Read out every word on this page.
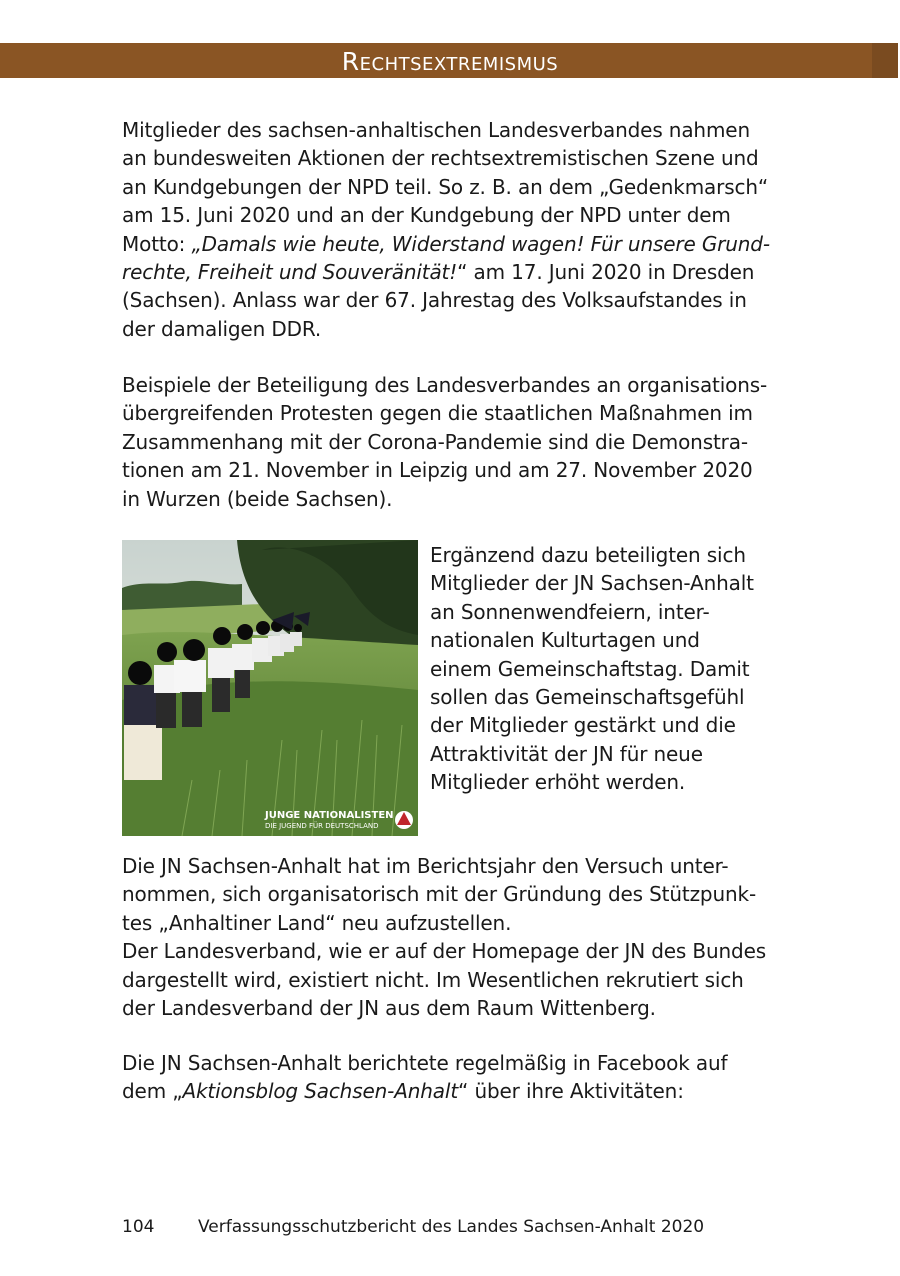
Rechtsextremismus

Mitglieder des sachsen-anhaltischen Landesverbandes nahmen
an bundesweiten Aktionen der rechtsextremistischen Szene und
an Kundgebungen der NPD teil. So z. B. an dem „Gedenkmarsch“
am 15. Juni 2020 und an der Kundgebung der NPD unter dem
Motto: „Damals wie heute, Widerstand wagen! Für unsere Grund-
rechte, Freiheit und Souveränität!“ am 17. Juni 2020 in Dresden
(Sachsen). Anlass war der 67. Jahrestag des Volksaufstandes in
der damaligen DDR.

Beispiele der Beteiligung des Landesverbandes an organisations-
übergreifenden Protesten gegen die staatlichen Maßnahmen im
Zusammenhang mit der Corona-Pandemie sind die Demonstra-
tionen am 21. November in Leipzig und am 27. November 2020
in Wurzen (beide Sachsen).

JUNGE NATIONALISTEN
DIE JUGEND FÜR DEUTSCHLAND
Ergänzend dazu beteiligten sich
Mitglieder der JN Sachsen-Anhalt
an Sonnenwendfeiern, inter-
nationalen Kulturtagen und
einem Gemeinschaftstag. Damit
sollen das Gemeinschaftsgefühl
der Mitglieder gestärkt und die
Attraktivität der JN für neue
Mitglieder erhöht werden.

Die JN Sachsen-Anhalt hat im Berichtsjahr den Versuch unter-
nommen, sich organisatorisch mit der Gründung des Stützpunk-
tes „Anhaltiner Land“ neu aufzustellen.
Der Landesverband, wie er auf der Homepage der JN des Bundes
dargestellt wird, existiert nicht. Im Wesentlichen rekrutiert sich
der Landesverband der JN aus dem Raum Wittenberg.

Die JN Sachsen-Anhalt berichtete regelmäßig in Facebook auf
dem „Aktionsblog Sachsen-Anhalt“ über ihre Aktivitäten:

104	Verfassungsschutzbericht des Landes Sachsen-Anhalt 2020
